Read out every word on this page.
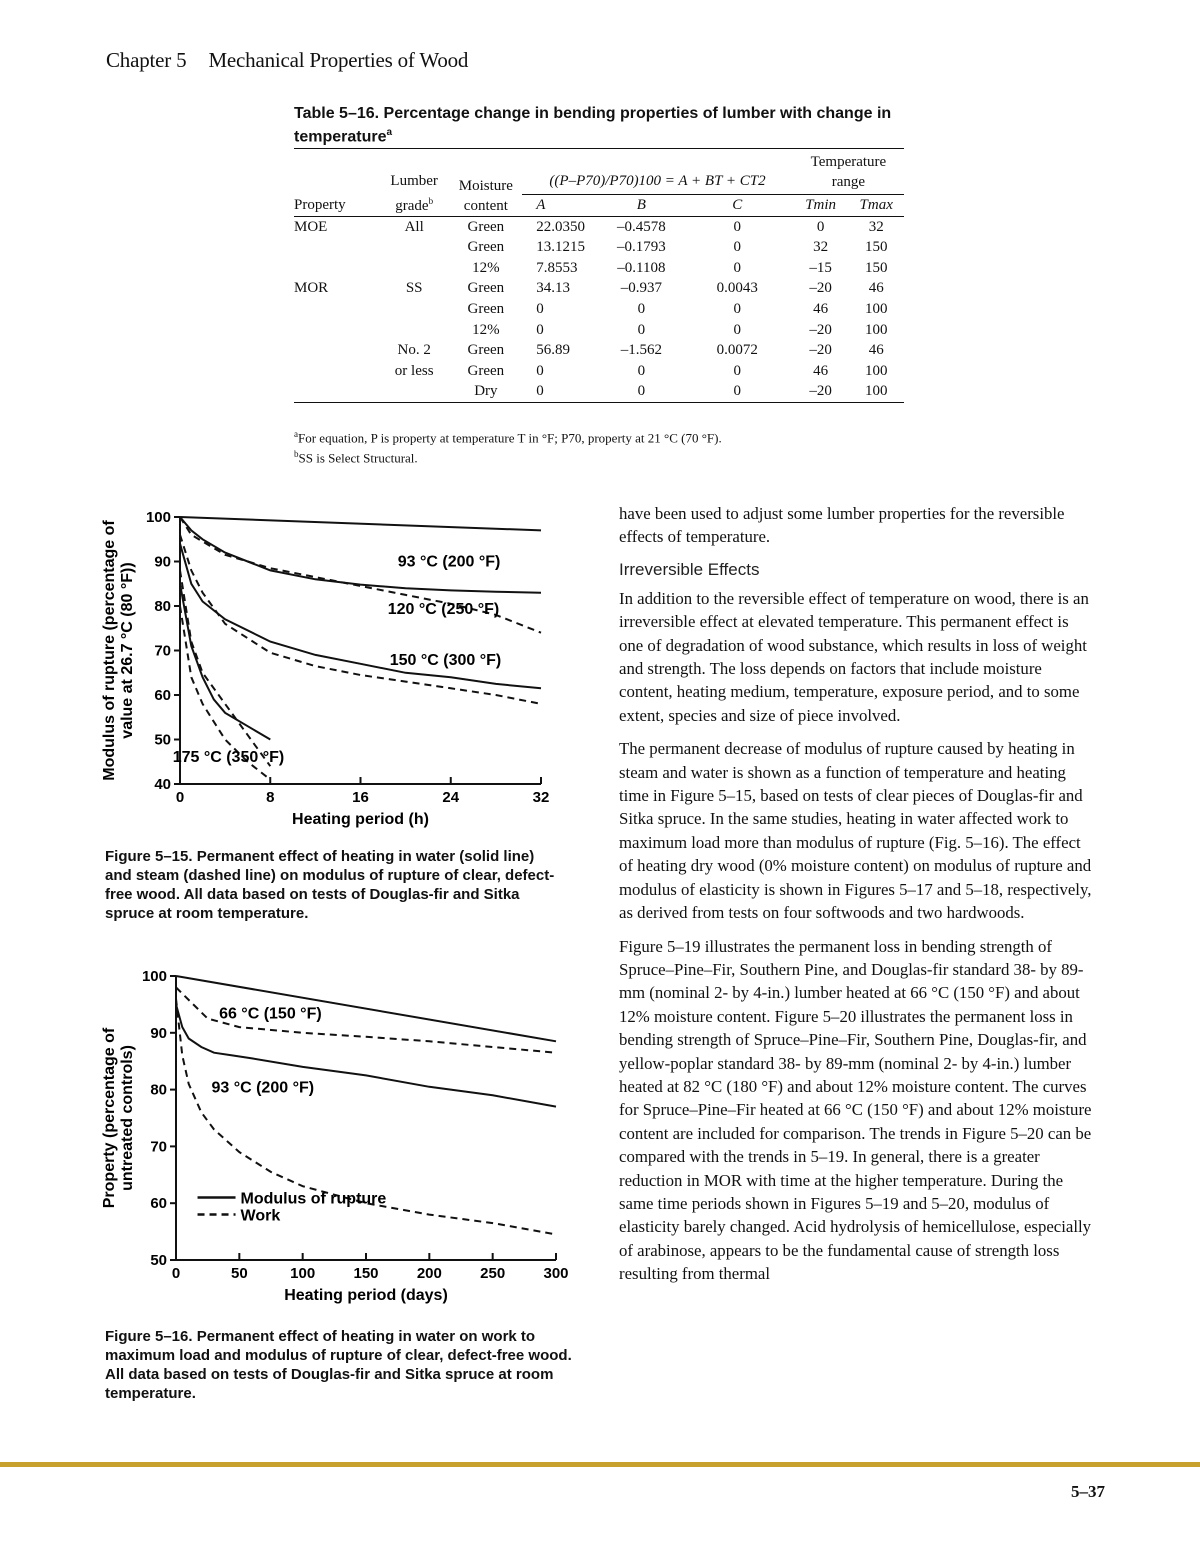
Chapter 5 Mechanical Properties of Wood
Table 5–16. Percentage change in bending properties of lumber with change in temperature$^a$
Property	Lumber grade$^b$	Moisture content	((P–P70)/P70)100 = A + BT + CT2			Temperature range	
			A	B	C	Tmin	Tmax
MOE	All	Green	22.0350	–0.4578	0	0	32
		Green	13.1215	–0.1793	0	32	150
		12%	7.8553	–0.1108	0	–15	150
MOR	SS	Green	34.13	–0.937	0.0043	–20	46
		Green	0	0	0	46	100
		12%	0	0	0	–20	100
	No. 2	Green	56.89	–1.562	0.0072	–20	46
	or less	Green	0	0	0	46	100
		Dry	0	0	0	–20	100
$^a$For equation, P is property at temperature T in °F; P70, property at 21 °C (70 °F).
$^b$SS is Select Structural.
40
50
60
70
80
90
100
0	8	16	24	32
Heating period (h)
Modulus of rupture (percentage of value at 26.7 °C (80 °F))
93 °C (200 °F)
120 °C (250 °F)
150 °C (300 °F)
175 °C (350 °F)
Figure 5–15. Permanent effect of heating in water (solid line) and steam (dashed line) on modulus of rupture of clear, defect-free wood. All data based on tests of Douglas-fir and Sitka spruce at room temperature.
50
60
70
80
90
100
0	50	100	150	200	250	300
Heating period (days)
Property (percentage of untreated controls)
66 °C (150 °F)
93 °C (200 °F)
Modulus of rupture
Work
Figure 5–16. Permanent effect of heating in water on work to maximum load and modulus of rupture of clear, defect-free wood. All data based on tests of Douglas-fir and Sitka spruce at room temperature.

have been used to adjust some lumber properties for the reversible effects of temperature.

Irreversible Effects

In addition to the reversible effect of temperature on wood, there is an irreversible effect at elevated temperature. This permanent effect is one of degradation of wood substance, which results in loss of weight and strength. The loss depends on factors that include moisture content, heating medium, temperature, exposure period, and to some extent, species and size of piece involved.

The permanent decrease of modulus of rupture caused by heating in steam and water is shown as a function of temperature and heating time in Figure 5–15, based on tests of clear pieces of Douglas-fir and Sitka spruce. In the same studies, heating in water affected work to maximum load more than modulus of rupture (Fig. 5–16). The effect of heating dry wood (0% moisture content) on modulus of rupture and modulus of elasticity is shown in Figures 5–17 and 5–18, respectively, as derived from tests on four softwoods and two hardwoods.

Figure 5–19 illustrates the permanent loss in bending strength of Spruce–Pine–Fir, Southern Pine, and Douglas-fir standard 38- by 89-mm (nominal 2- by 4-in.) lumber heated at 66 °C (150 °F) and about 12% moisture content. Figure 5–20 illustrates the permanent loss in bending strength of Spruce–Pine–Fir, Southern Pine, Douglas-fir, and yellow-poplar standard 38- by 89-mm (nominal 2- by 4-in.) lumber heated at 82 °C (180 °F) and about 12% moisture content. The curves for Spruce–Pine–Fir heated at 66 °C (150 °F) and about 12% moisture content are included for comparison. The trends in Figure 5–20 can be compared with the trends in 5–19. In general, there is a greater reduction in MOR with time at the higher temperature. During the same time periods shown in Figures 5–19 and 5–20, modulus of elasticity barely changed. Acid hydrolysis of hemicellulose, especially of arabinose, appears to be the fundamental cause of strength loss resulting from thermal

5–37
